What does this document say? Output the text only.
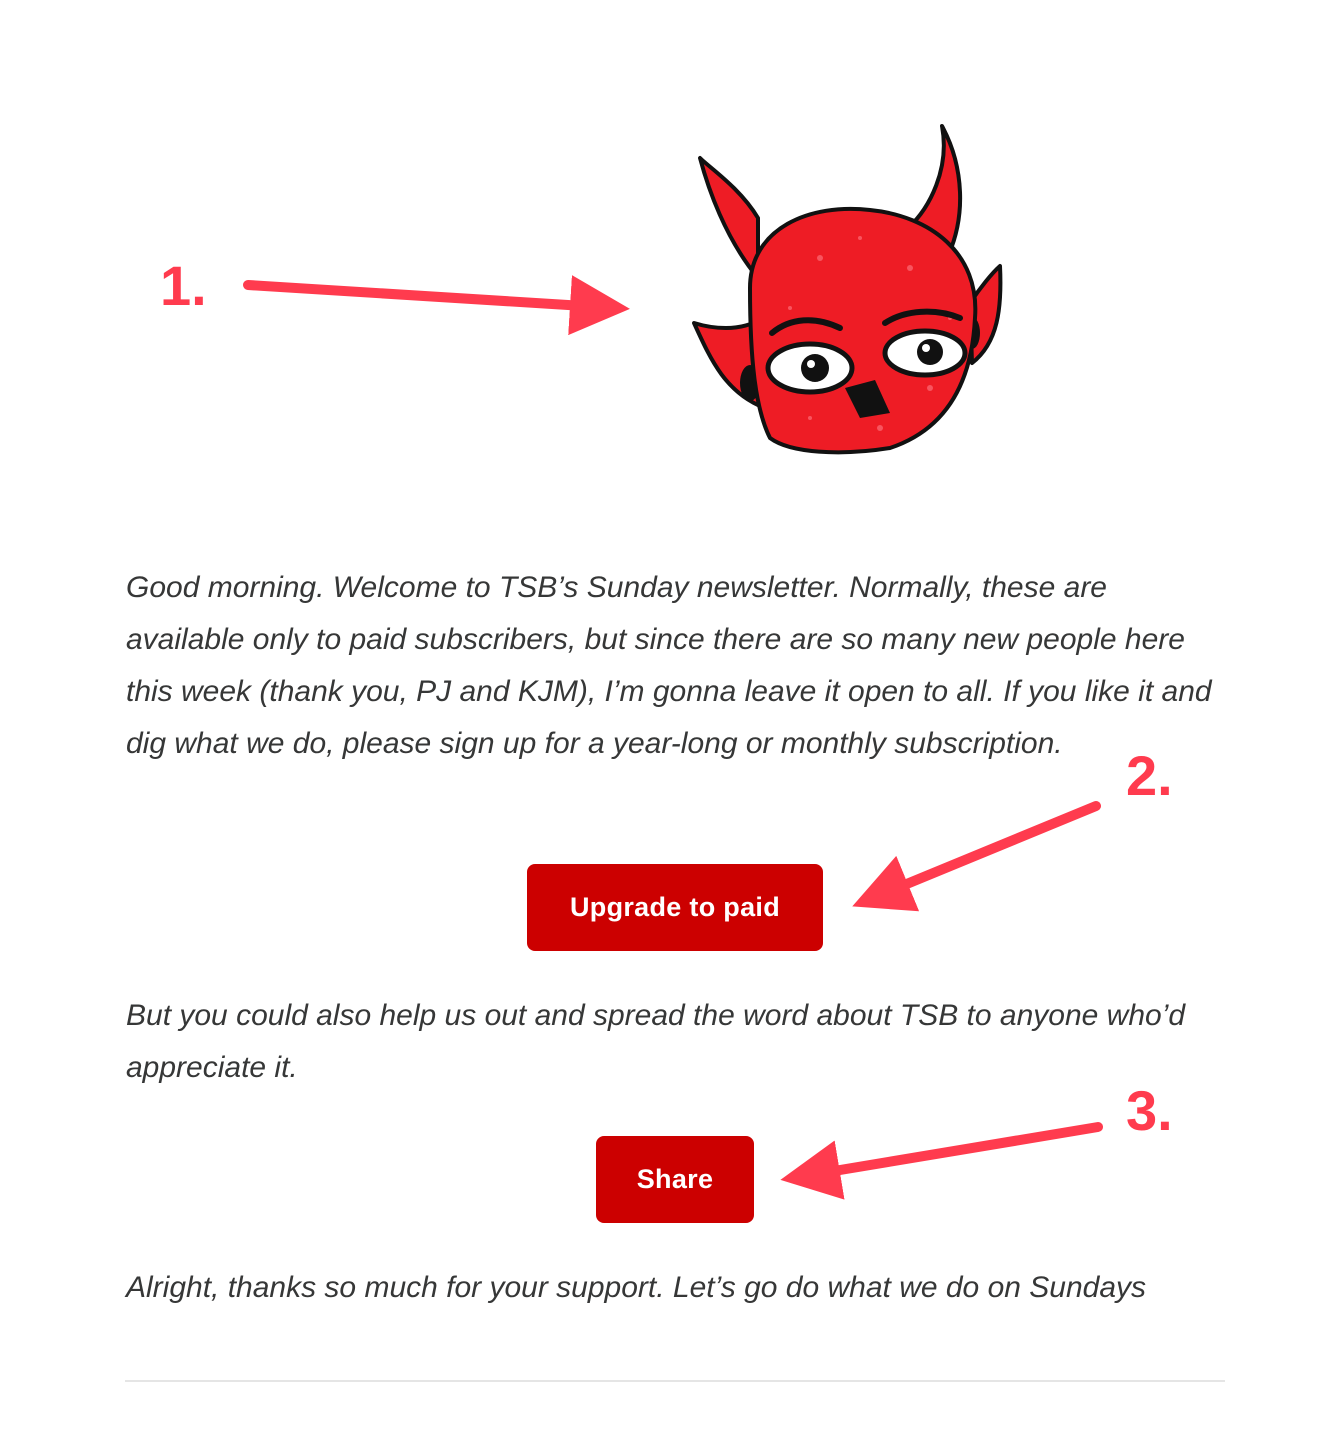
1.
2.
3.

Good morning. Welcome to TSB’s Sunday newsletter. Normally, these are available only to paid subscribers, but since there are so many new people here this week (thank you, PJ and KJM), I’m gonna leave it open to all. If you like it and dig what we do, please sign up for a year-long or monthly subscription.

Upgrade to paid

But you could also help us out and spread the word about TSB to anyone who’d appreciate it.

Share

Alright, thanks so much for your support. Let’s go do what we do on Sundays
